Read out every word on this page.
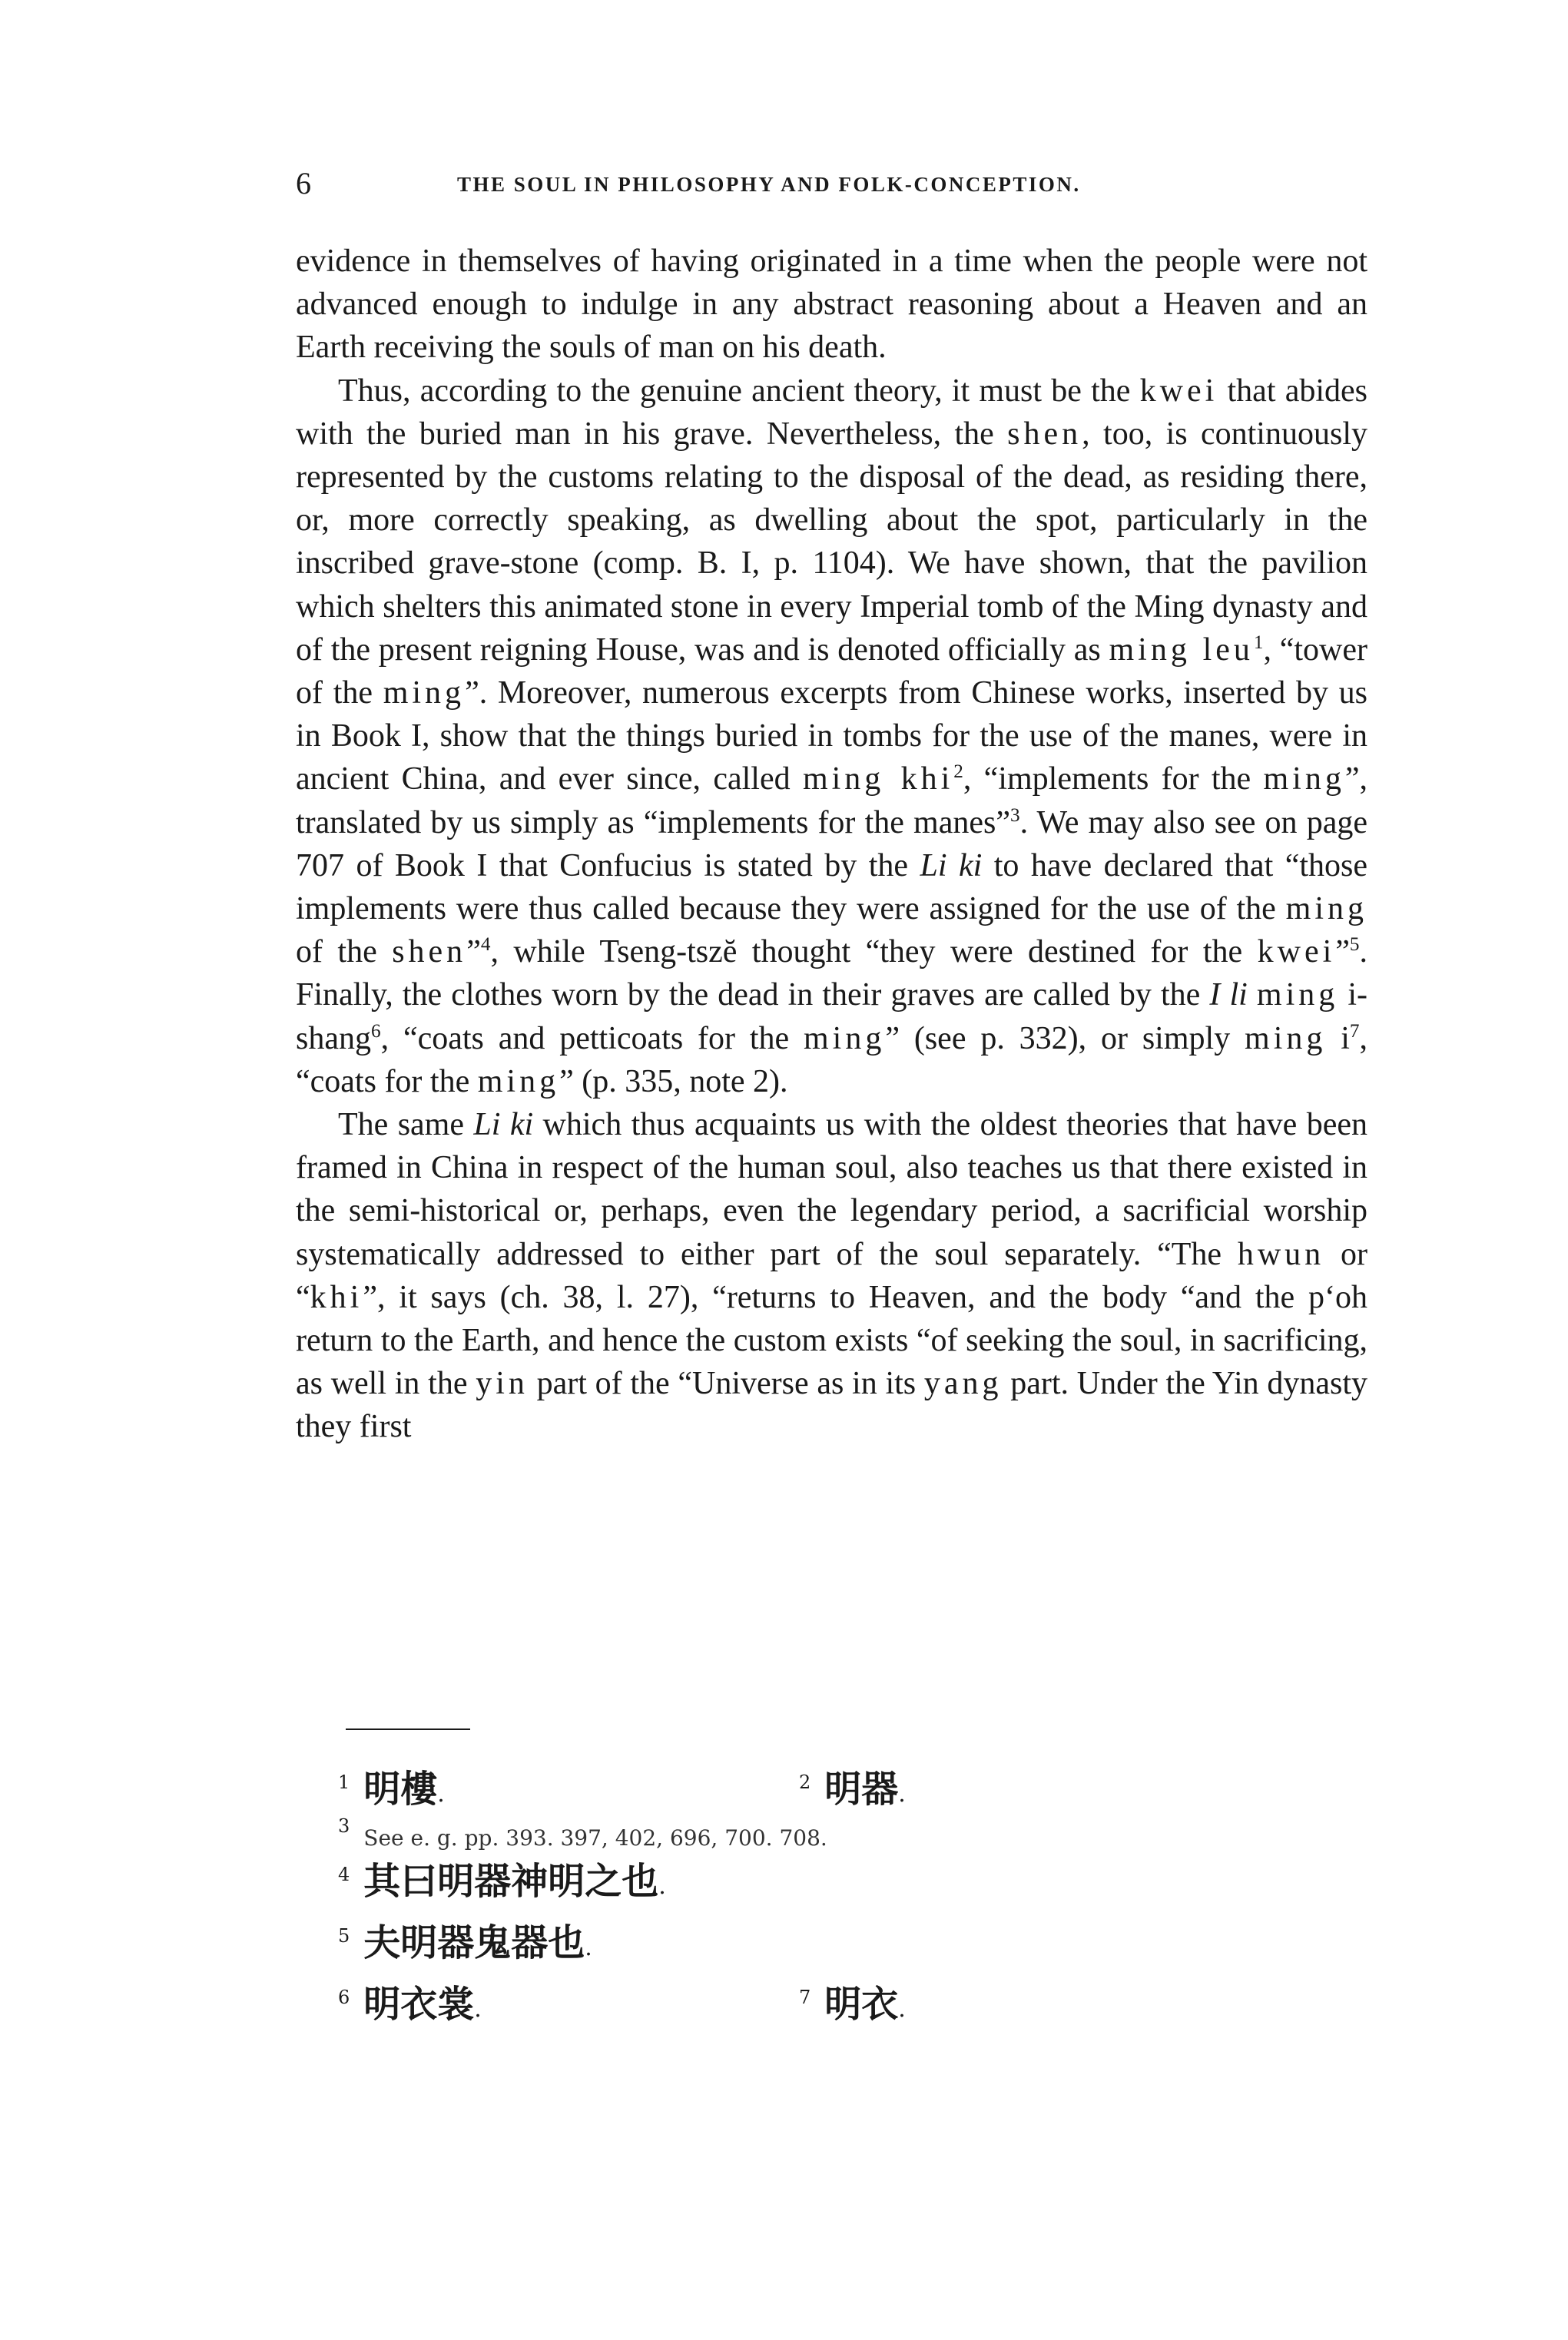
6	THE SOUL IN PHILOSOPHY AND FOLK-CONCEPTION.

evidence in themselves of having originated in a time when the people were not advanced enough to indulge in any abstract reasoning about a Heaven and an Earth receiving the souls of man on his death.

Thus, according to the genuine ancient theory, it must be the kwei that abides with the buried man in his grave. Nevertheless, the shen, too, is continuously represented by the customs relating to the disposal of the dead, as residing there, or, more correctly speaking, as dwelling about the spot, particularly in the inscribed grave-stone (comp. B. I, p. 1104). We have shown, that the pavilion which shelters this animated stone in every Imperial tomb of the Ming dynasty and of the present reigning House, was and is denoted officially as ming leu$^1$, “tower of the ming”. Moreover, numerous excerpts from Chinese works, inserted by us in Book I, show that the things buried in tombs for the use of the manes, were in ancient China, and ever since, called ming khi$^2$, “implements for the ming”, translated by us simply as “implements for the manes”$^3$. We may also see on page 707 of Book I that Confucius is stated by the Li ki to have declared that “those implements were thus called because they were assigned for the use of the ming of the shen”$^4$, while Tseng-tszĕ thought “they were destined for the kwei”$^5$. Finally, the clothes worn by the dead in their graves are called by the I li ming i-shang$^6$, “coats and petticoats for the ming” (see p. 332), or simply ming $i^7$, “coats for the ming” (p. 335, note 2).

The same Li ki which thus acquaints us with the oldest theories that have been framed in China in respect of the human soul, also teaches us that there existed in the semi-historical or, perhaps, even the legendary period, a sacrificial worship systematically addressed to either part of the soul separately. “The hwun or “khi”, it says (ch. 38, l. 27), “returns to Heaven, and the body “and the p‘oh return to the Earth, and hence the custom exists “of seeking the soul, in sacrificing, as well in the yin part of the “Universe as in its yang part. Under the Yin dynasty they first

$^1$ 明樓.	$^2$ 明器.
$^3$ See e. g. pp. 393. 397, 402, 696, 700. 708.
$^4$ 其曰明器神明之也.
$^5$ 夫明器鬼器也.
$^6$ 明衣裳.	$^7$ 明衣.
